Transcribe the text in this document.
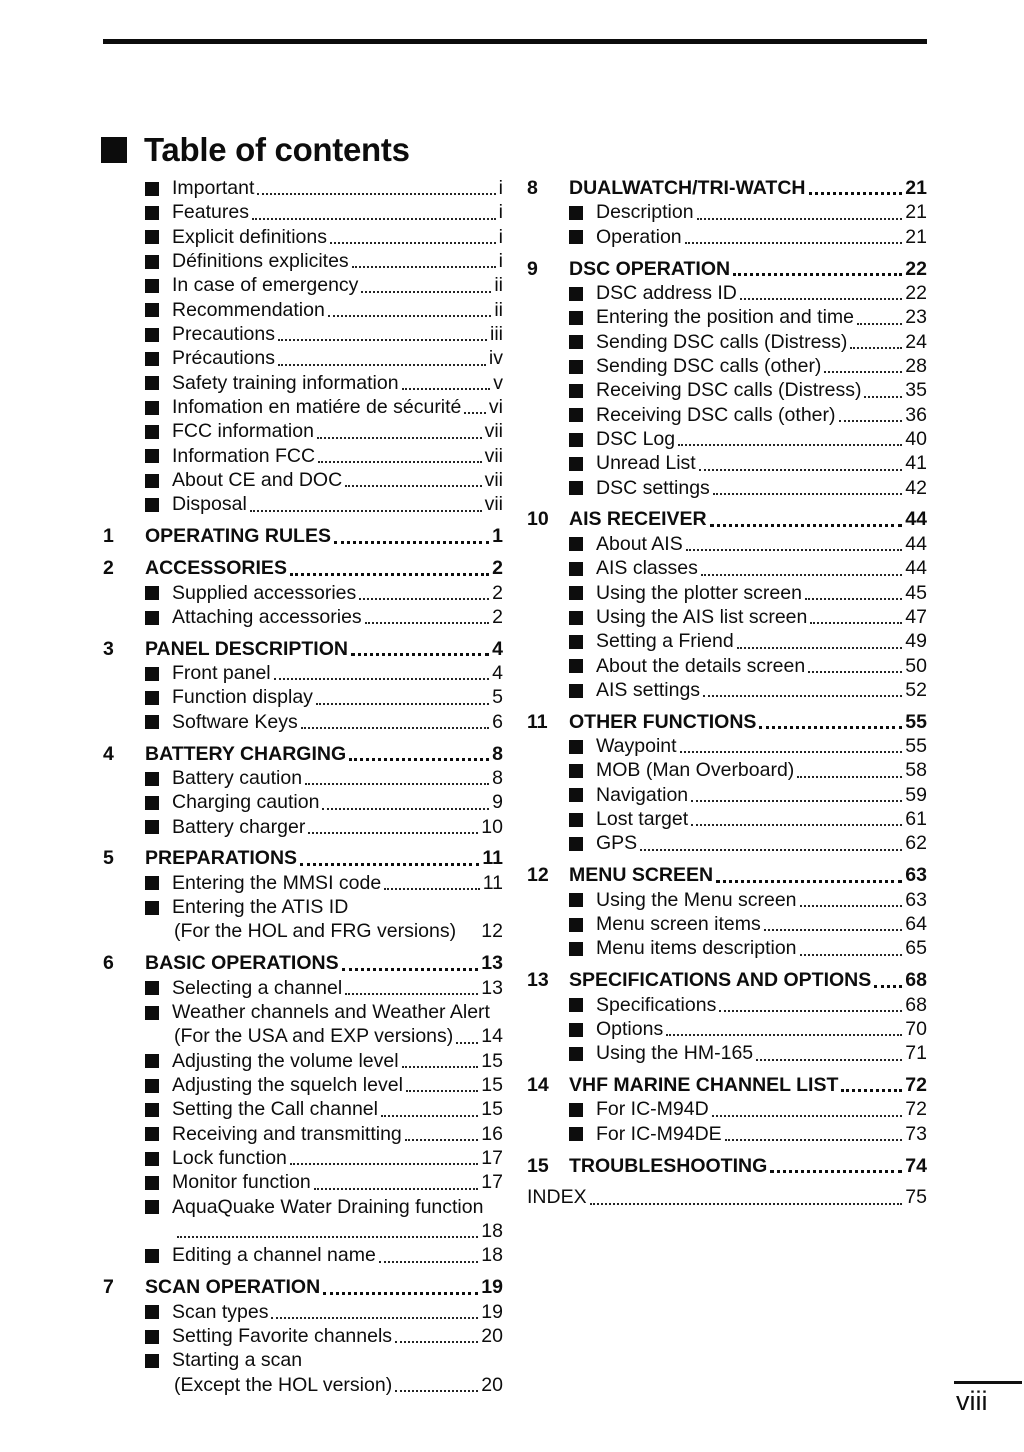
Table of contents
Important	i
Features	i
Explicit definitions	i
Définitions explicites	i
In case of emergency	ii
Recommendation	ii
Precautions	iii
Précautions	iv
Safety training information	v
Infomation en matiére de sécurité vi
FCC information	vii
Information FCC	vii
About CE and DOC	vii
Disposal	vii
1	OPERATING RULES	1
2	ACCESSORIES	2
Supplied accessories	2
Attaching accessories	2
3	PANEL DESCRIPTION	4
Front panel	4
Function display	5
Software Keys	6
4	BATTERY CHARGING	8
Battery caution	8
Charging caution	9
Battery charger	10
5	PREPARATIONS	11
Entering the MMSI code	11
Entering the ATIS ID
(For the HOL and FRG versions) 12
6	BASIC OPERATIONS	13
Selecting a channel	13
Weather channels and Weather Alert
(For the USA and EXP versions) 14
Adjusting the volume level	15
Adjusting the squelch level	15
Setting the Call channel	15
Receiving and transmitting	16
Lock function	17
Monitor function	17
AquaQuake Water Draining function
18
Editing a channel name	18
7	SCAN OPERATION	19
Scan types	19
Setting Favorite channels	20
Starting a scan
(Except the HOL version)	20
8	DUALWATCH/TRI-WATCH	21
Description	21
Operation	21
9	DSC OPERATION	22
DSC address ID	22
Entering the position and time	23
Sending DSC calls (Distress)	24
Sending DSC calls (other)	28
Receiving DSC calls (Distress) 35
Receiving DSC calls (other)	36
DSC Log	40
Unread List	41
DSC settings	42
10	AIS RECEIVER	44
About AIS	44
AIS classes	44
Using the plotter screen	45
Using the AIS list screen	47
Setting a Friend	49
About the details screen	50
AIS settings	52
11	OTHER FUNCTIONS	55
Waypoint	55
MOB (Man Overboard)	58
Navigation	59
Lost target	61
GPS	62
12	MENU SCREEN	63
Using the Menu screen	63
Menu screen items	64
Menu items description	65
13	SPECIFICATIONS AND OPTIONS 68
Specifications	68
Options	70
Using the HM-165	71
14	VHF MARINE CHANNEL LIST	72
For IC-M94D	72
For IC-M94DE	73
15	TROUBLESHOOTING	74
INDEX	75
viii
